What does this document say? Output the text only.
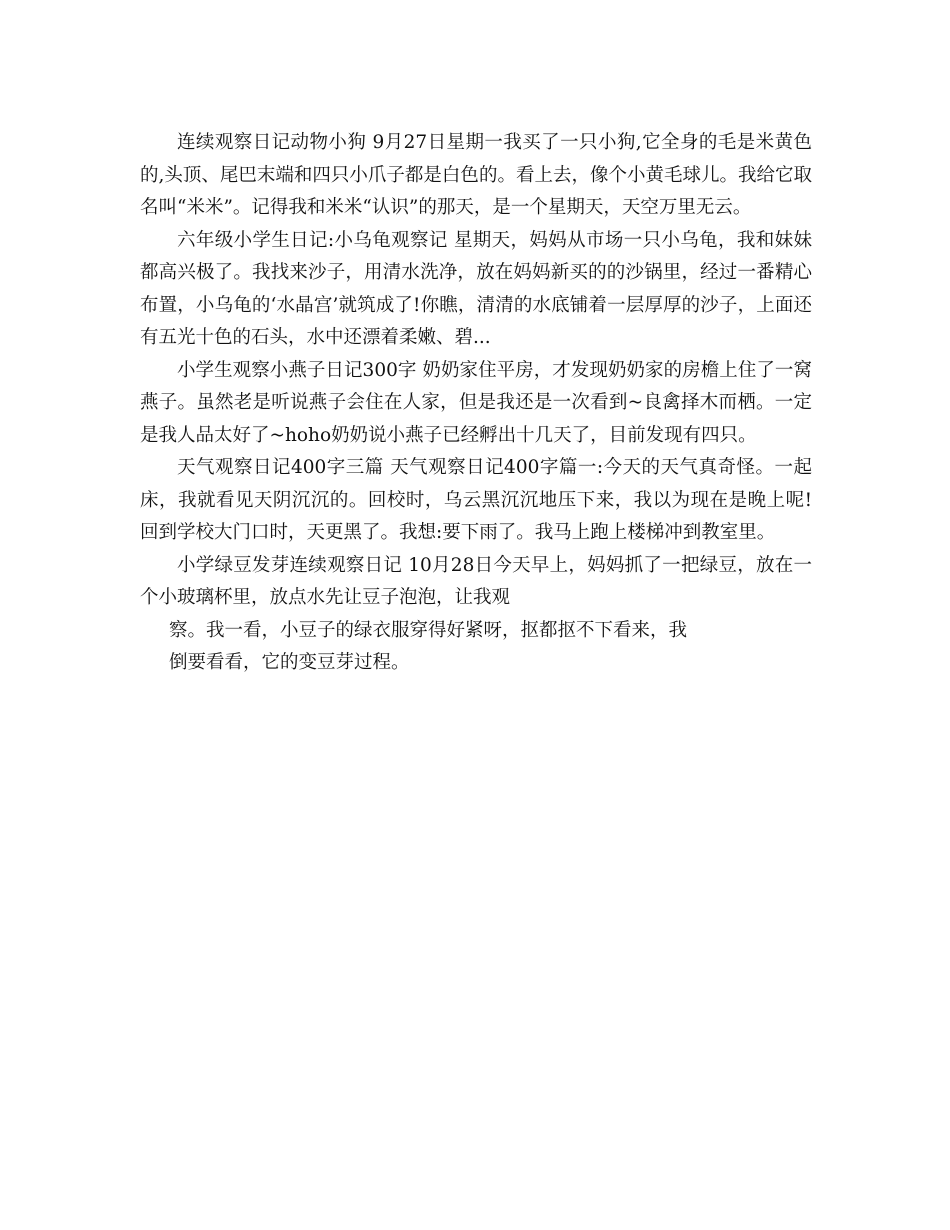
连续观察日记动物小狗 9月27日星期一我买了一只小狗,它全身的毛是米黄色的,头顶、尾巴末端和四只小爪子都是白色的。看上去，像个小黄毛球儿。我给它取名叫“米米”。记得我和米米“认识”的那天，是一个星期天，天空万里无云。

六年级小学生日记:小乌龟观察记 星期天，妈妈从市场一只小乌龟，我和妹妹都高兴极了。我找来沙子，用清水洗净，放在妈妈新买的的沙锅里，经过一番精心布置，小乌龟的‘水晶宫’就筑成了!你瞧，清清的水底铺着一层厚厚的沙子，上面还有五光十色的石头，水中还漂着柔嫩、碧...

小学生观察小燕子日记300字 奶奶家住平房，才发现奶奶家的房檐上住了一窝燕子。虽然老是听说燕子会住在人家，但是我还是一次看到~良禽择木而栖。一定是我人品太好了~hoho奶奶说小燕子已经孵出十几天了，目前发现有四只。

天气观察日记400字三篇 天气观察日记400字篇一:今天的天气真奇怪。一起床，我就看见天阴沉沉的。回校时，乌云黑沉沉地压下来，我以为现在是晚上呢!回到学校大门口时，天更黑了。我想:要下雨了。我马上跑上楼梯冲到教室里。

小学绿豆发芽连续观察日记 10月28日今天早上，妈妈抓了一把绿豆，放在一个小玻璃杯里，放点水先让豆子泡泡，让我观

察。我一看，小豆子的绿衣服穿得好紧呀，抠都抠不下看来，我

倒要看看，它的变豆芽过程。
